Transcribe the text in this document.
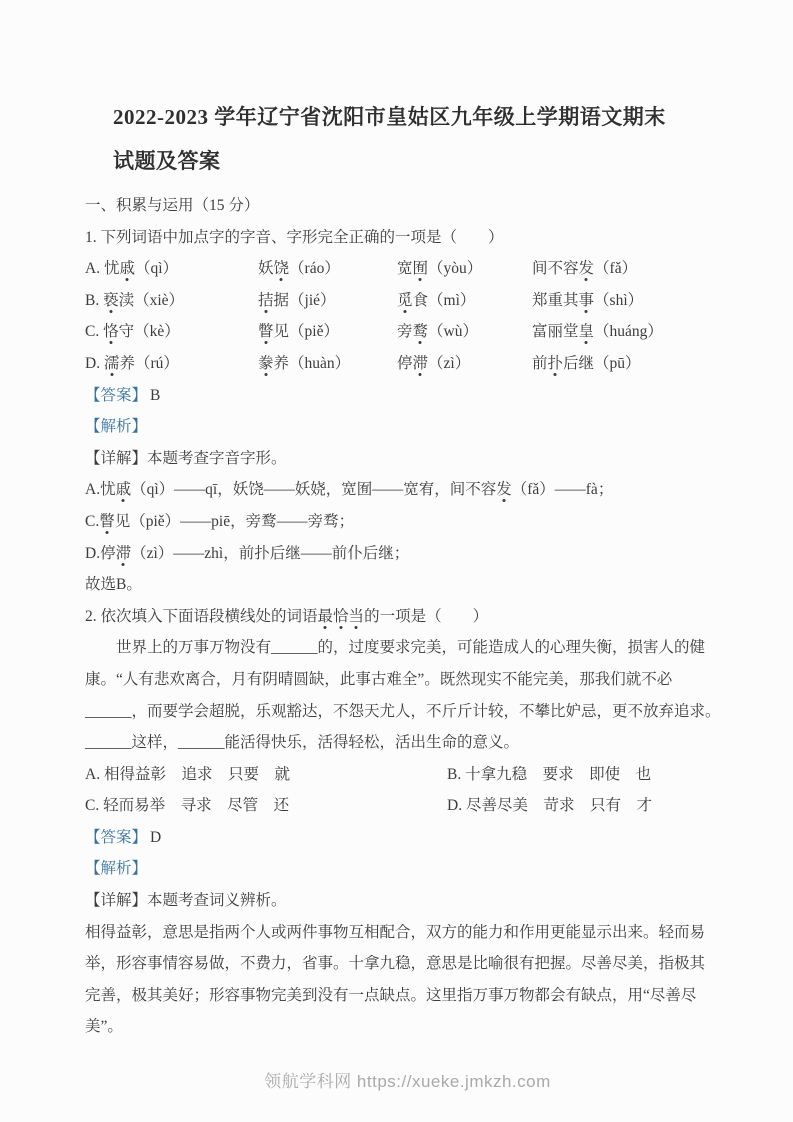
2022-2023 学年辽宁省沈阳市皇姑区九年级上学期语文期末
试题及答案
一、积累与运用（15 分）
1. 下列词语中加点字的字音、字形完全正确的一项是（　　）
A. 忧戚（qì）	妖饶（ráo）	宽囿（yòu）	间不容发（fǎ）
B. 亵渎（xiè）	拮据（jié）	觅食（mì）	郑重其事（shì）
C. 恪守（kè）	瞥见（piě）	旁鹜（wù）	富丽堂皇（huáng）
D. 濡养（rú）	豢养（huàn）	停滞（zì）	前扑后继（pū）
【答案】 B
【解析】
【详解】本题考查字音字形。
A.忧戚（qì）——qī，妖饶——妖娆，宽囿——宽宥，间不容发（fǎ）——fà；
C.瞥见（piě）——piē，旁鹜——旁骛；
D.停滞（zì）——zhì，前扑后继——前仆后继；
故选B。
2. 依次填入下面语段横线处的词语最恰当的一项是（　　）
　　世界上的万事万物没有______的，过度要求完美，可能造成人的心理失衡，损害人的健
康。“人有悲欢离合，月有阴晴圆缺，此事古难全”。既然现实不能完美，那我们就不必
______，而要学会超脱，乐观豁达，不怨天尤人，不斤斤计较，不攀比妒忌，更不放弃追求。
______这样，______能活得快乐，活得轻松，活出生命的意义。
A. 相得益彰　追求　只要　就	B. 十拿九稳　要求　即使　也
C. 轻而易举　寻求　尽管　还	D. 尽善尽美　苛求　只有　才
【答案】 D
【解析】
【详解】本题考查词义辨析。
相得益彰，意思是指两个人或两件事物互相配合，双方的能力和作用更能显示出来。轻而易
举，形容事情容易做，不费力，省事。十拿九稳，意思是比喻很有把握。尽善尽美，指极其
完善，极其美好；形容事物完美到没有一点缺点。这里指万事万物都会有缺点，用“尽善尽
美”。
领航学科网 https://xueke.jmkzh.com
